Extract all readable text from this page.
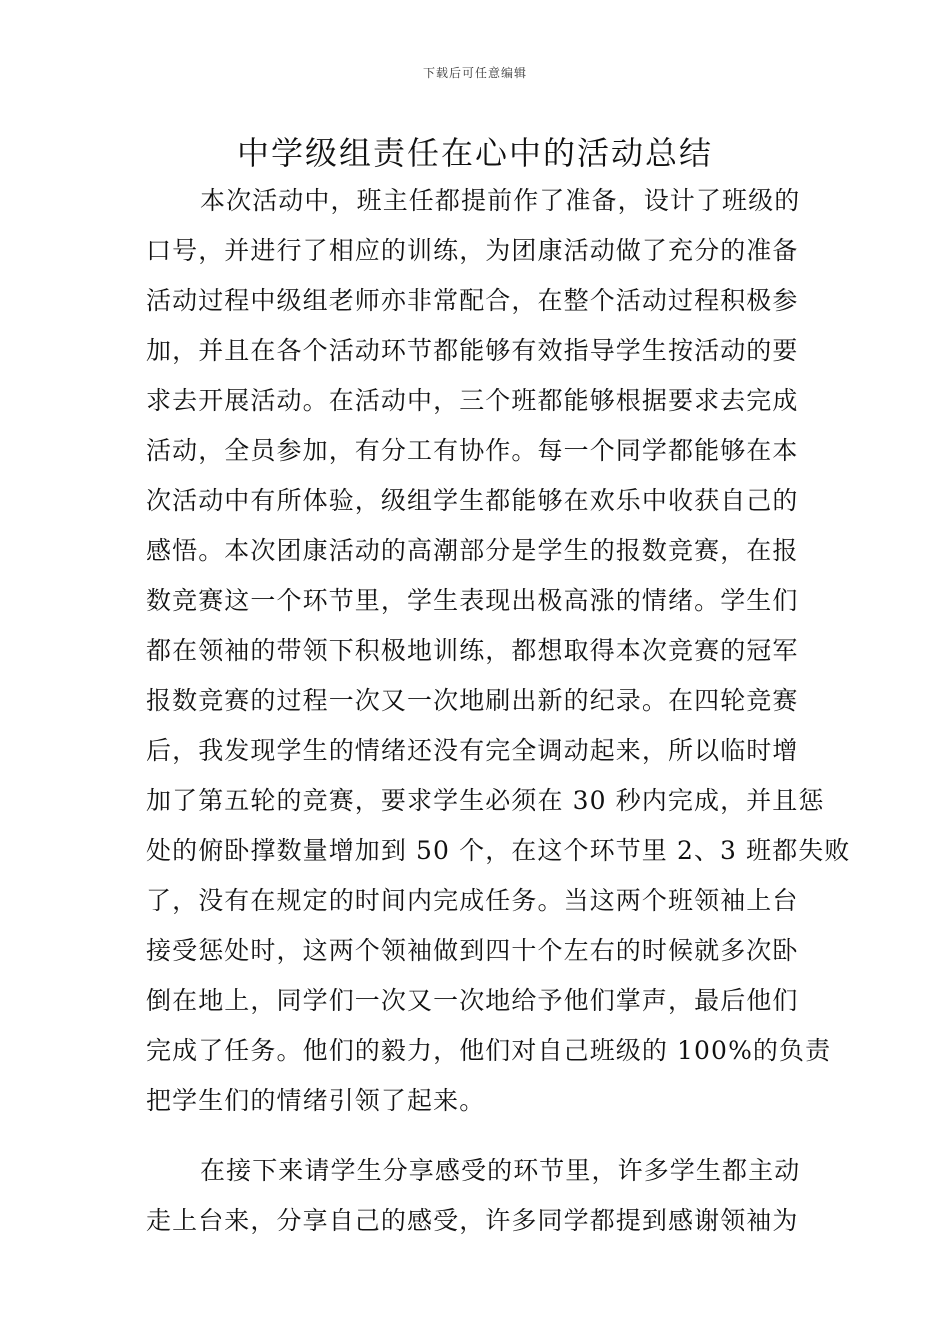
下载后可任意编辑
中学级组责任在心中的活动总结
本次活动中，班主任都提前作了准备，设计了班级的
口号，并进行了相应的训练，为团康活动做了充分的准备
活动过程中级组老师亦非常配合，在整个活动过程积极参
加，并且在各个活动环节都能够有效指导学生按活动的要
求去开展活动。在活动中，三个班都能够根据要求去完成
活动，全员参加，有分工有协作。每一个同学都能够在本
次活动中有所体验，级组学生都能够在欢乐中收获自己的
感悟。本次团康活动的高潮部分是学生的报数竞赛，在报
数竞赛这一个环节里，学生表现出极高涨的情绪。学生们
都在领袖的带领下积极地训练，都想取得本次竞赛的冠军
报数竞赛的过程一次又一次地刷出新的纪录。在四轮竞赛
后，我发现学生的情绪还没有完全调动起来，所以临时增
加了第五轮的竞赛，要求学生必须在 30 秒内完成，并且惩
处的俯卧撑数量增加到 50 个，在这个环节里 2、3 班都失败
了，没有在规定的时间内完成任务。当这两个班领袖上台
接受惩处时，这两个领袖做到四十个左右的时候就多次卧
倒在地上，同学们一次又一次地给予他们掌声，最后他们
完成了任务。他们的毅力，他们对自己班级的 100%的负责
把学生们的情绪引领了起来。
在接下来请学生分享感受的环节里，许多学生都主动
走上台来，分享自己的感受，许多同学都提到感谢领袖为
